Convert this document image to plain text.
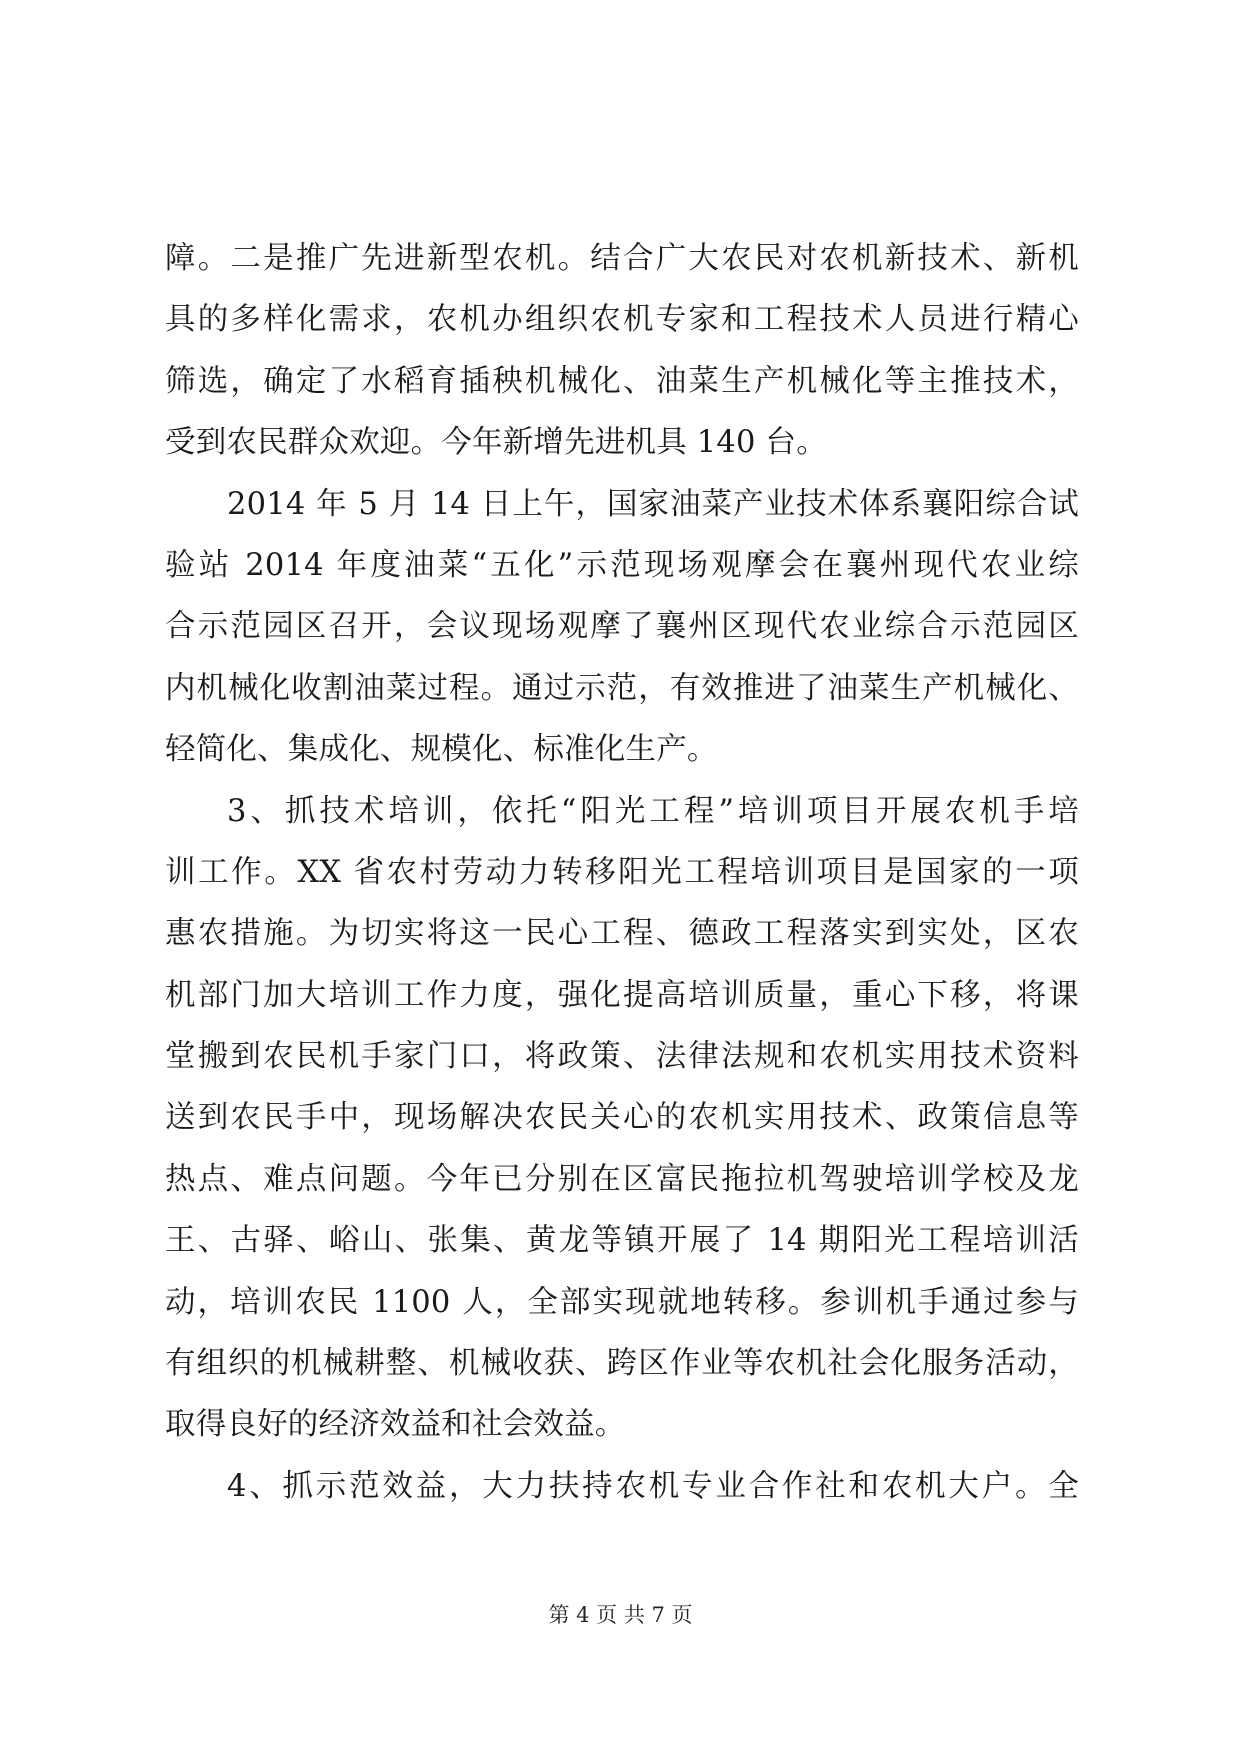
障。二是推广先进新型农机。结合广大农民对农机新技术、新机
具的多样化需求，农机办组织农机专家和工程技术人员进行精心
筛选，确定了水稻育插秧机械化、油菜生产机械化等主推技术，
受到农民群众欢迎。今年新增先进机具 140 台。
2014 年 5 月 14 日上午，国家油菜产业技术体系襄阳综合试
验站 2014 年度油菜“五化”示范现场观摩会在襄州现代农业综
合示范园区召开，会议现场观摩了襄州区现代农业综合示范园区
内机械化收割油菜过程。通过示范，有效推进了油菜生产机械化、
轻简化、集成化、规模化、标准化生产。
3、抓技术培训，依托“阳光工程”培训项目开展农机手培
训工作。XX 省农村劳动力转移阳光工程培训项目是国家的一项
惠农措施。为切实将这一民心工程、德政工程落实到实处，区农
机部门加大培训工作力度，强化提高培训质量，重心下移，将课
堂搬到农民机手家门口，将政策、法律法规和农机实用技术资料
送到农民手中，现场解决农民关心的农机实用技术、政策信息等
热点、难点问题。今年已分别在区富民拖拉机驾驶培训学校及龙
王、古驿、峪山、张集、黄龙等镇开展了 14 期阳光工程培训活
动，培训农民 1100 人，全部实现就地转移。参训机手通过参与
有组织的机械耕整、机械收获、跨区作业等农机社会化服务活动，
取得良好的经济效益和社会效益。
4、抓示范效益，大力扶持农机专业合作社和农机大户。全
第 4 页 共 7 页
